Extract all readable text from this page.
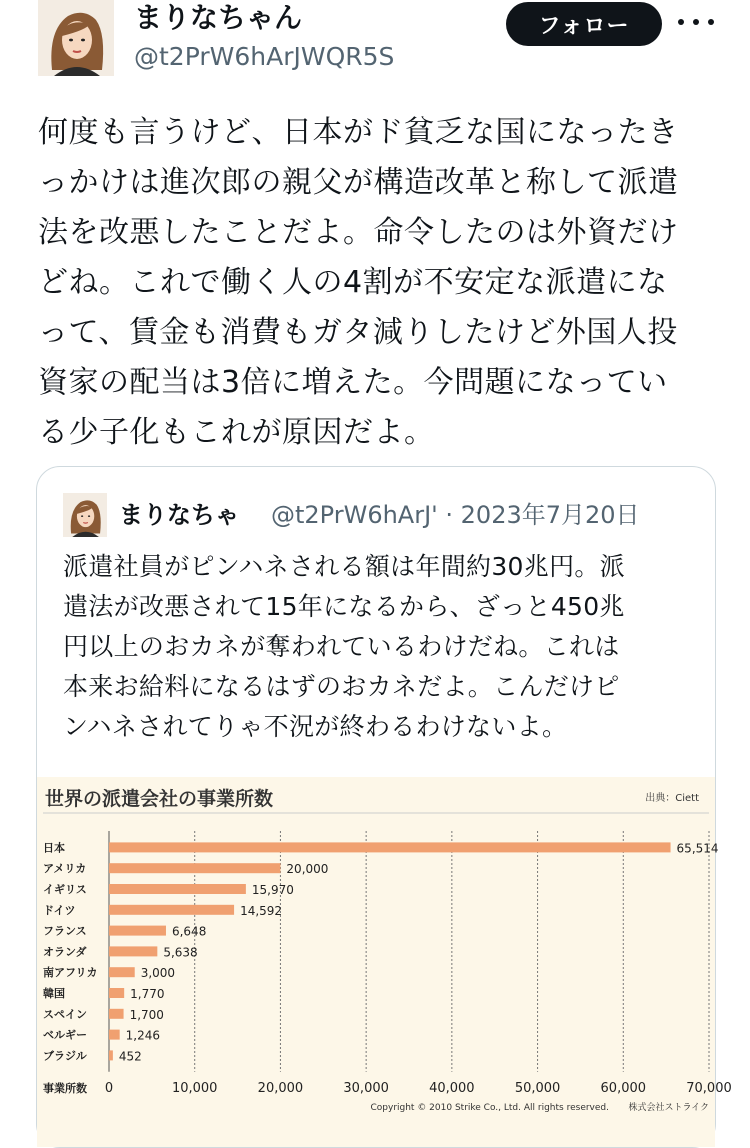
まりなちゃん
@t2PrW6hArJWQR5S
フォロー
何度も言うけど、日本がド貧乏な国になったき
っかけは進次郎の親父が構造改革と称して派遣
法を改悪したことだよ。命令したのは外資だけ
どね。これで働く人の4割が不安定な派遣にな
って、賃金も消費もガタ減りしたけど外国人投
資家の配当は3倍に増えた。今問題になってい
る少子化もこれが原因だよ。
まりなちゃ @t2PrW6hArJ' · 2023年7月20日
派遣社員がピンハネされる額は年間約30兆円。派
遣法が改悪されて15年になるから、ざっと450兆
円以上のおカネが奪われているわけだね。これは
本来お給料になるはずのおカネだよ。こんだけピ
ンハネされてりゃ不況が終わるわけないよ。
世界の派遣会社の事業所数	出典：Ciett
日本	65,514
アメリカ	20,000
イギリス	15,970
ドイツ	14,592
フランス	6,648
オランダ	5,638
南アフリカ	3,000
韓国	1,770
スペイン	1,700
ベルギー	1,246
ブラジル	452
事業所数 0	10,000	20,000	30,000	40,000	50,000	60,000	70,000
Copyright © 2010 Strike Co., Ltd. All rights reserved. 株式会社ストライク
